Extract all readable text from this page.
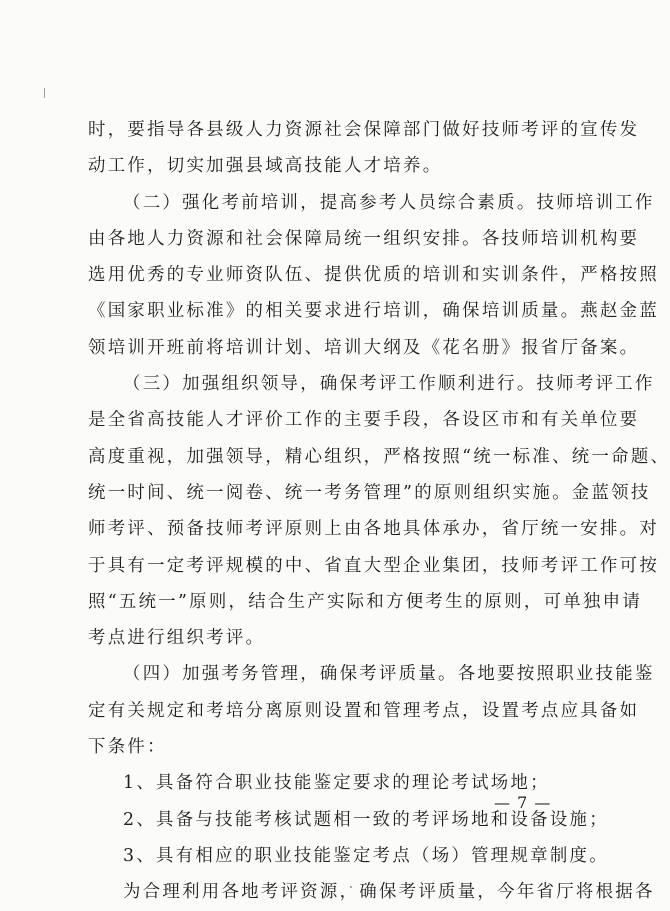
时，要指导各县级人力资源社会保障部门做好技师考评的宣传发
动工作，切实加强县域高技能人才培养。
（二）强化考前培训，提高参考人员综合素质。技师培训工作
由各地人力资源和社会保障局统一组织安排。各技师培训机构要
选用优秀的专业师资队伍、提供优质的培训和实训条件，严格按照
《国家职业标准》的相关要求进行培训，确保培训质量。燕赵金蓝
领培训开班前将培训计划、培训大纲及《花名册》报省厅备案。
（三）加强组织领导，确保考评工作顺利进行。技师考评工作
是全省高技能人才评价工作的主要手段，各设区市和有关单位要
高度重视，加强领导，精心组织，严格按照“统一标准、统一命题、
统一时间、统一阅卷、统一考务管理”的原则组织实施。金蓝领技
师考评、预备技师考评原则上由各地具体承办，省厅统一安排。对
于具有一定考评规模的中、省直大型企业集团，技师考评工作可按
照“五统一”原则，结合生产实际和方便考生的原则，可单独申请
考点进行组织考评。
（四）加强考务管理，确保考评质量。各地要按照职业技能鉴
定有关规定和考培分离原则设置和管理考点，设置考点应具备如
下条件：
1、具备符合职业技能鉴定要求的理论考试场地；
2、具备与技能考核试题相一致的考评场地和设备设施；
3、具有相应的职业技能鉴定考点（场）管理规章制度。
为合理利用各地考评资源，确保考评质量，今年省厅将根据各
— 7 —
